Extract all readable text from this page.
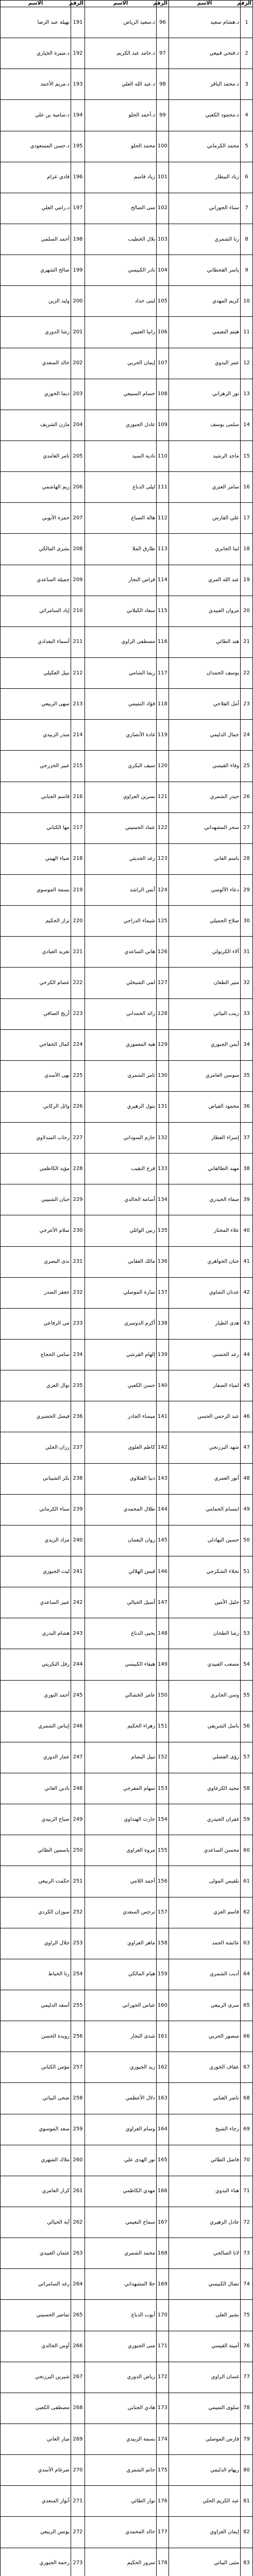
الرقم	الاسم	الرقم	الاسم	الرقم	الاسم
1	د.هشام سعيد	96	د.سعيد الرياض	191	نهيلة عبد الرضا
2	د.فتحي قبيعي	97	د.حامد عبد الكريم	192	د.منيرة الخياري
3	د.محمد الباقر	98	د.عبد الله العلي	193	د.مريم الأحمد
4	د.محمود الكعبي	99	د.أحمد الحلو	194	د.سامية بن علي
5	محمد الكرماني	100	محمد الحلو	195	د.حسن المسعودي
6	زياد البيطار	101	زياد قاسم	196	فادي عزام
7	سناء الحوراني	102	منى الصالح	197	د.رامي العلي
8	رنا الشمري	103	بلال الخطيب	198	أحمد السلمي
9	ياسر القحطاني	104	نادر الكبيسي	199	صالح الشهري
10	كريم المهدي	105	لبنى حداد	200	وليد الزين
11	هيثم النعيمي	106	رانيا العتيبي	201	رشا الدوري
12	عمر البدوي	107	إيمان الحربي	202	خالد السعدي
13	نور الزهراني	108	حسام السبيعي	203	ديما الخوري
14	سلمى يوسف	109	عادل الجبوري	204	مازن الشريف
15	ماجد الرشيد	110	نادية السيد	205	تامر الغامدي
16	سامر العنزي	111	ليلى الدباغ	206	ريم الهاشمي
17	علي الفارس	112	هالة الصباغ	207	حمزة الأيوبي
18	لينا الجابري	113	طارق الملا	208	بشرى المالكي
19	عبد الله المري	114	فراس النجار	209	جميلة الساعدي
20	مروان العبيدي	115	سعاد الكيلاني	210	إياد السامرائي
21	هند الطائي	116	مصطفى الراوي	211	أسماء البغدادي
22	يوسف الحمدان	117	ريما الشامي	212	نبيل العكيلي
23	أمل الفلاحي	118	فؤاد التميمي	213	سهى الربيعي
24	جمال الدليمي	119	غادة الأنصاري	214	منذر الزبيدي
25	وفاء القيسي	120	سيف البكري	215	عبير الخزرجي
26	حيدر الشمري	121	نسرين العزاوي	216	قاسم الجنابي
27	سحر المشهداني	122	عماد الحسيني	217	مها الكناني
28	باسم العاني	123	رغد الحديثي	218	ضياء الهيتي
29	دعاء الآلوسي	124	أنس الراشد	219	بسمة الموسوي
30	صلاح الجميلي	125	شيماء الدراجي	220	نزار الحكيم
31	آلاء الكربولي	126	هاني الساعدي	221	تغريد العبادي
32	منير الطعان	127	لمى الشيخلي	222	عصام الكرخي
33	زينب البياتي	128	رائد الحمداني	223	أريج الصافي
34	أيمن الجبوري	129	هبة المعموري	224	كمال الخفاجي
35	سوسن العامري	130	ثامر الشمري	225	نهى الأسدي
36	محمود الفياض	131	بتول الزهيري	226	وائل الركابي
37	إسراء العطار	132	حازم السوداني	227	رحاب المندلاوي
38	مهند الطالقاني	133	فرح النقيب	228	مؤيد الكاظمي
39	صفاء الحيدري	134	أسامة الخالدي	229	جنان الشبيبي
40	علاء المختار	135	رنين الوائلي	230	سلام الأعرجي
41	حنان الجواهري	136	مالك العقابي	231	ندى البصري
42	عدنان الشاوي	137	سارة الموصلي	232	جعفر الصدر
43	هدى الطيار	138	أكرم الدوسري	233	مي الرفاعي
44	رعد الحسني	139	إلهام القرشي	234	سامي الحجاج
45	لمياء الصفار	140	حسن الكعبي	235	نوال العزي
46	عبد الرحمن الحسن	141	ميساء الجادر	236	فيصل الخضيري
47	شهد البرزنجي	142	كاظم العلوي	237	رزان الحلي
48	أنور العمري	143	دنيا الفتلاوي	238	بكر الشيباني
49	ابتسام الحمامي	144	طلال المحمدي	239	سناء الكرماني
50	حسين البهادلي	145	روان النعمان	240	مراد الزيدي
51	نجلاء الشكرجي	146	قيس الهلالي	241	ليث الجبوري
52	خليل الأمين	147	أسيل الحيالي	242	عبير الساعدي
53	رشا الطحان	148	يحيى الدباغ	243	هشام البدري
54	مصعب العبيدي	149	هيفاء الكبيسي	244	رفل التكريتي
55	وسن الجابري	150	عامر الخشالي	245	أحمد النوري
56	باسل الشريفي	151	زهراء الحكيم	246	إيناس الشمري
57	رؤى الفضلي	152	نبيل البصام	247	عمار الدوري
58	مجيد الكرعاوي	153	سهام المفرجي	248	نادين العاني
59	غفران الحيدري	154	حارث الهنداوي	249	صباح الزبيدي
60	محسن الساعدي	155	مروة العزاوي	250	ياسمين الطائي
61	بلقيس المولى	156	أحمد اللامي	251	حكمت الربيعي
62	قاسم الغزي	157	نرجس السعدي	252	سوزان الكردي
63	عائشة الحمد	158	ماهر العزاوي	253	جلال الراوي
64	أديب الشمري	159	هيام المالكي	254	رنا الخياط
65	سرى الربيعي	160	عباس الجوراني	255	أسعد الدليمي
66	منصور الحربي	161	شذى النجار	256	رويدة الحسن
67	عفاف الخوري	162	زيد الجبوري	257	مؤمن الكناني
68	ناصر العتابي	163	دلال الأعظمي	258	ضحى البياتي
69	رجاء الشيخ	164	وسام الغراوي	259	سعد الموسوي
70	فاضل الطائي	165	نور الهدى علي	260	ملاك الشهري
71	هناء البدوي	166	مهدي الكاظمي	261	كرار العامري
72	عادل الزهيري	167	سماح النعيمي	262	آية الحيالي
73	لانا الصالحي	168	محمد الشمري	263	عثمان العبيدي
74	نضال الكبيسي	169	حلا المشهداني	264	رغد السامرائي
75	بشير العلي	170	أيوب الدباغ	265	تماضر الحسيني
76	أمينة القيسي	171	منى الجبوري	266	أوس الخالدي
77	غسان الراوي	172	رياض الدوري	267	شيرين البرزنجي
78	سلوى التميمي	173	هادي الجنابي	268	مصطفى الكعبي
79	فارس الموصلي	174	بسمة الزبيدي	269	ميار العاني
80	ريهام الدليمي	175	حاتم الشمري	270	ضرغام الأسدي
81	عبد الكريم الحلي	176	نوار الطائي	271	أنوار السعدي
82	إيمان العزاوي	177	خالد المحمدي	272	يونس الربيعي
83	مثنى البياتي	178	سرور الحكيم	273	رحمة الجبوري
